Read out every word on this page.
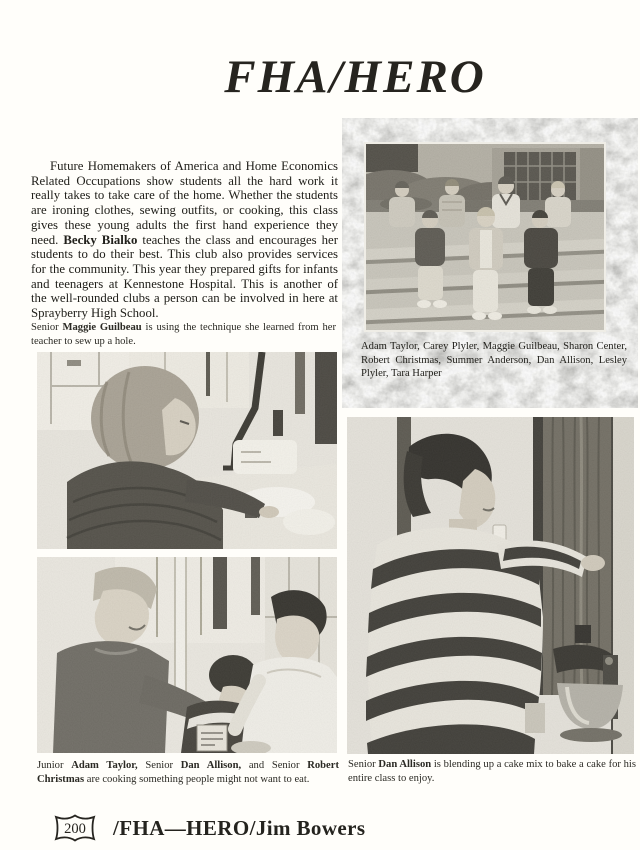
FHA/HERO

Future Homemakers of America and Home Economics Related Occupations show students all the hard work it really takes to take care of the home. Whether the students are ironing clothes, sewing outfits, or cooking, this class gives these young adults the first hand experience they need. Becky Bialko teaches the class and encourages her students to do their best. This club also provides services for the community. This year they prepared gifts for infants and teenagers at Kennestone Hospital. This is another of the well-rounded clubs a person can be involved in here at Sprayberry High School.

Senior Maggie Guilbeau is using the technique she learned from her teacher to sew up a hole.

Junior Adam Taylor, Senior Dan Allison, and Senior Robert Christmas are cooking something people might not want to eat.

Adam Taylor, Carey Plyler, Maggie Guilbeau, Sharon Center, Robert Christmas, Summer Anderson, Dan Allison, Lesley Plyler, Tara Harper

Senior Dan Allison is blending up a cake mix to bake a cake for his entire class to enjoy.

200 /FHA—HERO/Jim Bowers
